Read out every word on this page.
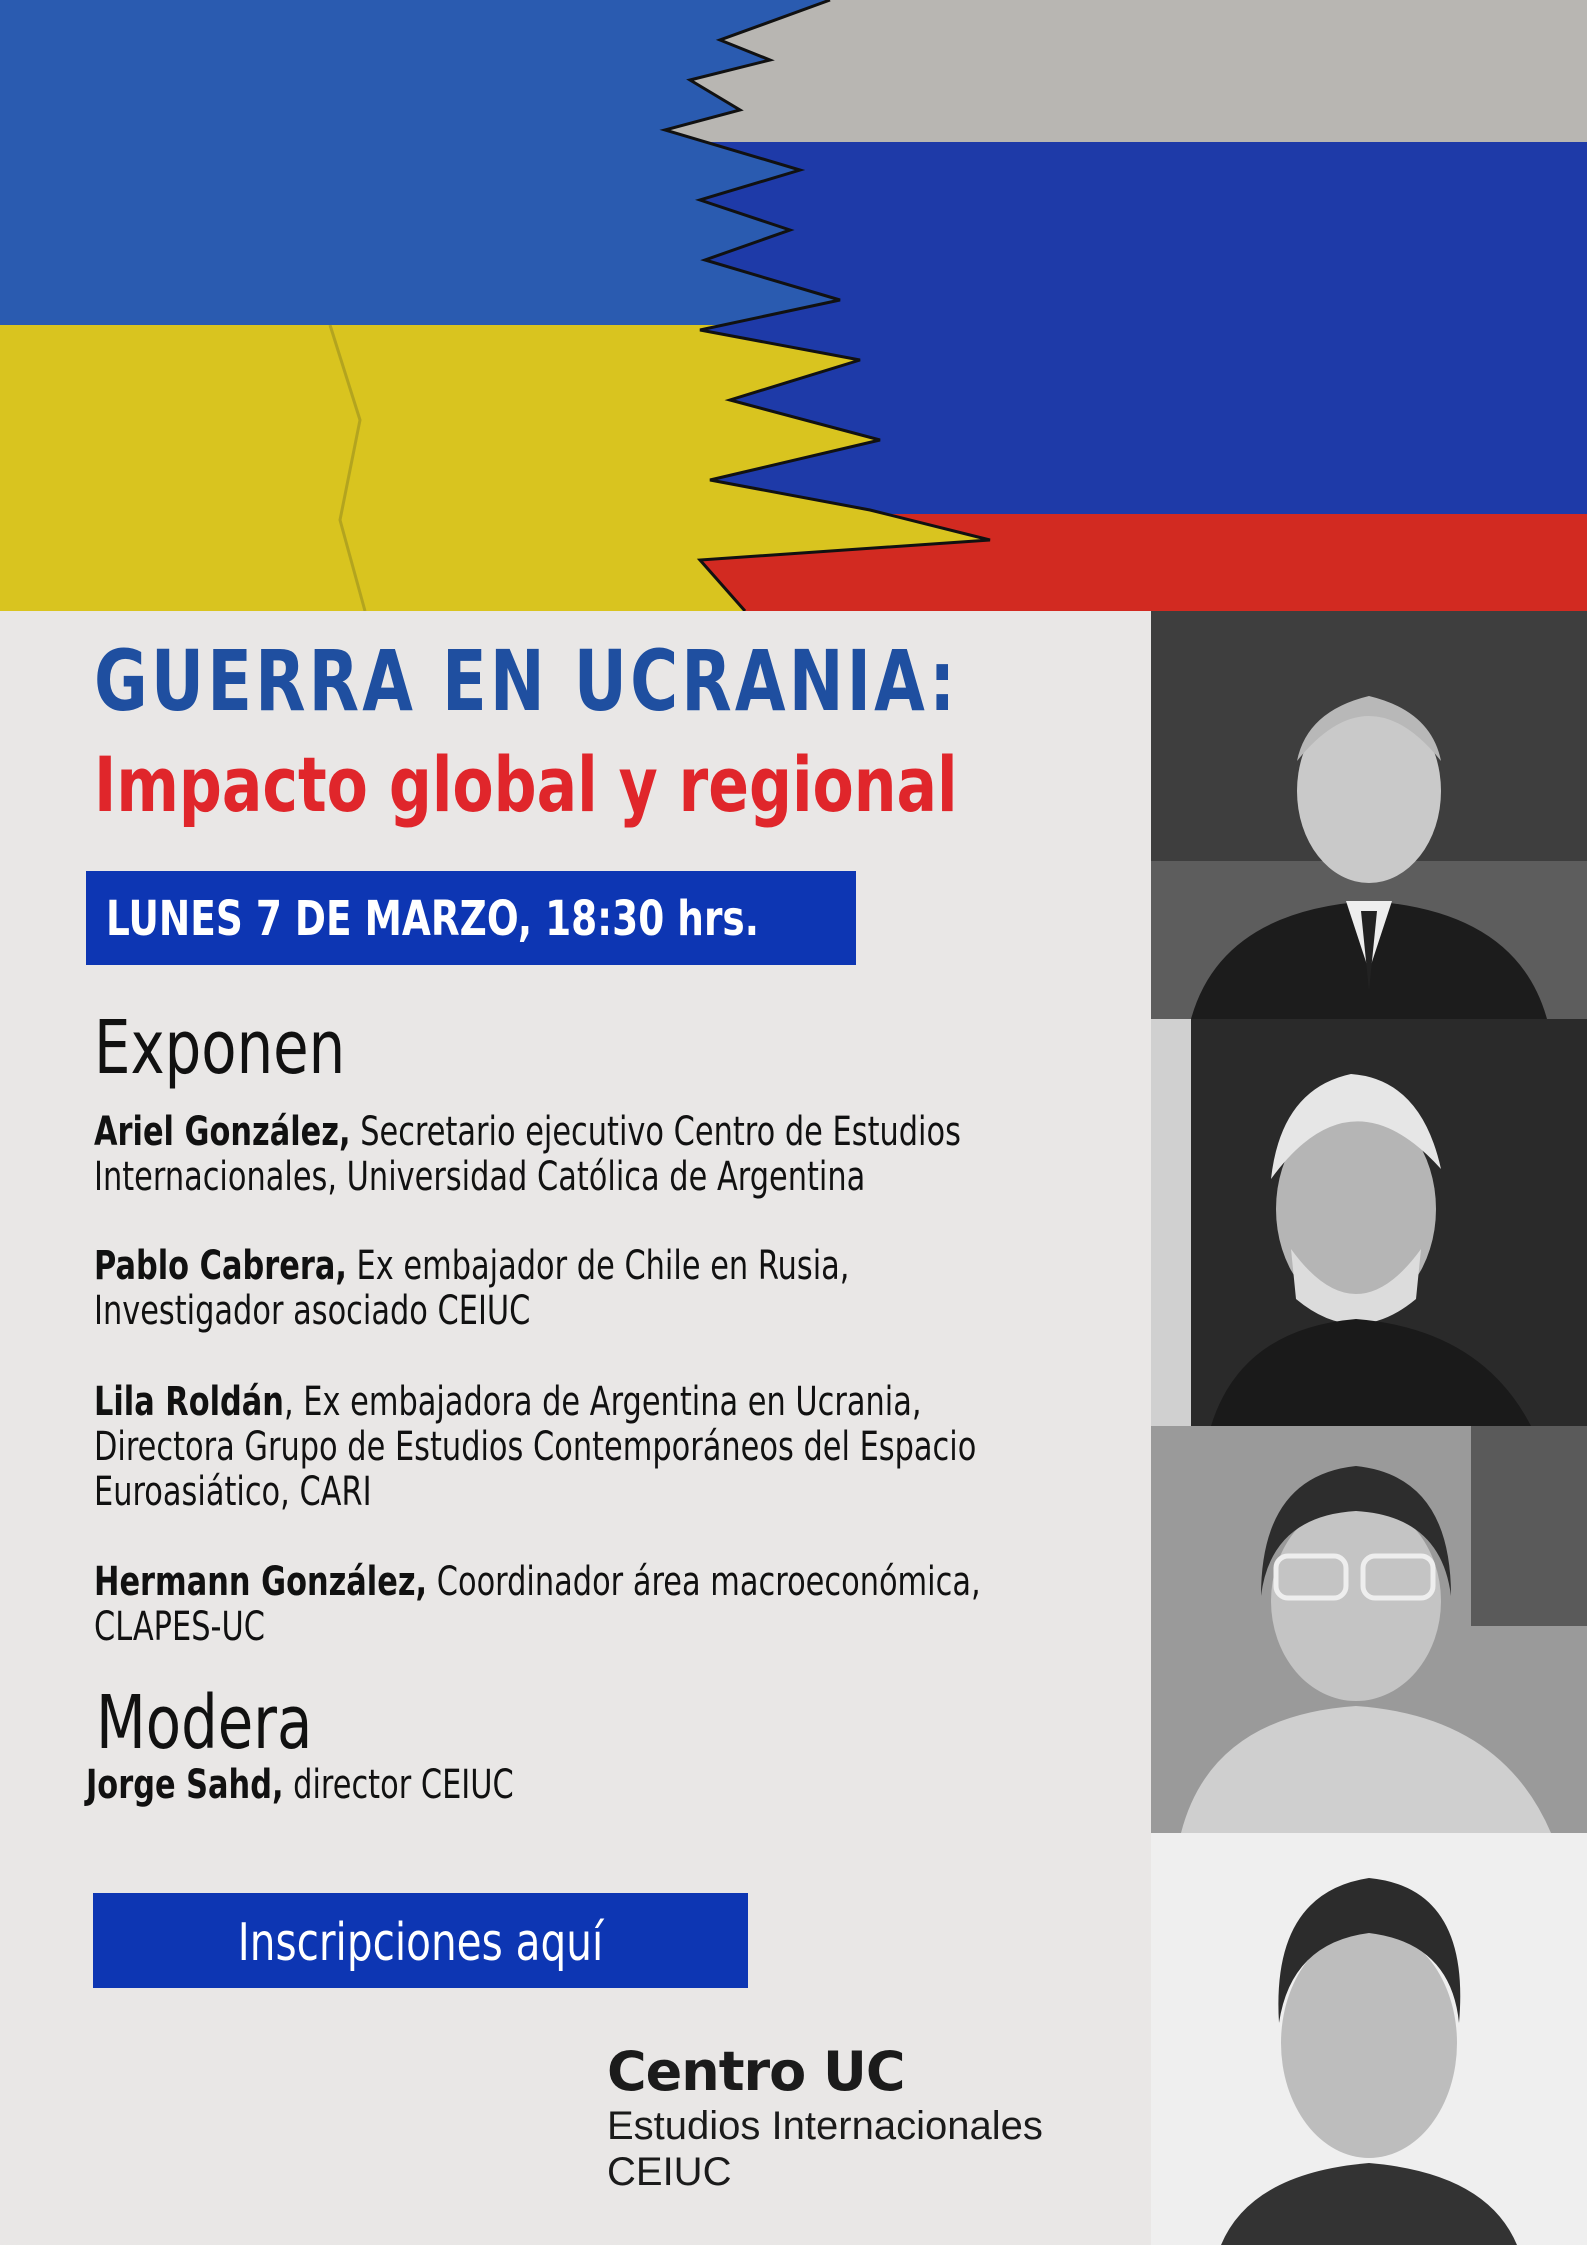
GUERRA EN UCRANIA:
Impacto global y regional
LUNES 7 DE MARZO, 18:30 hrs.
Exponen
Ariel González, Secretario ejecutivo Centro de Estudios
Internacionales, Universidad Católica de Argentina
Pablo Cabrera, Ex embajador de Chile en Rusia,
Investigador asociado CEIUC
Lila Roldán, Ex embajadora de Argentina en Ucrania,
Directora Grupo de Estudios Contemporáneos del Espacio
Euroasiático, CARI
Hermann González, Coordinador área macroeconómica,
CLAPES-UC
Modera
Jorge Sahd, director CEIUC
Inscripciones aquí
Centro UC
Estudios Internacionales
CEIUC
